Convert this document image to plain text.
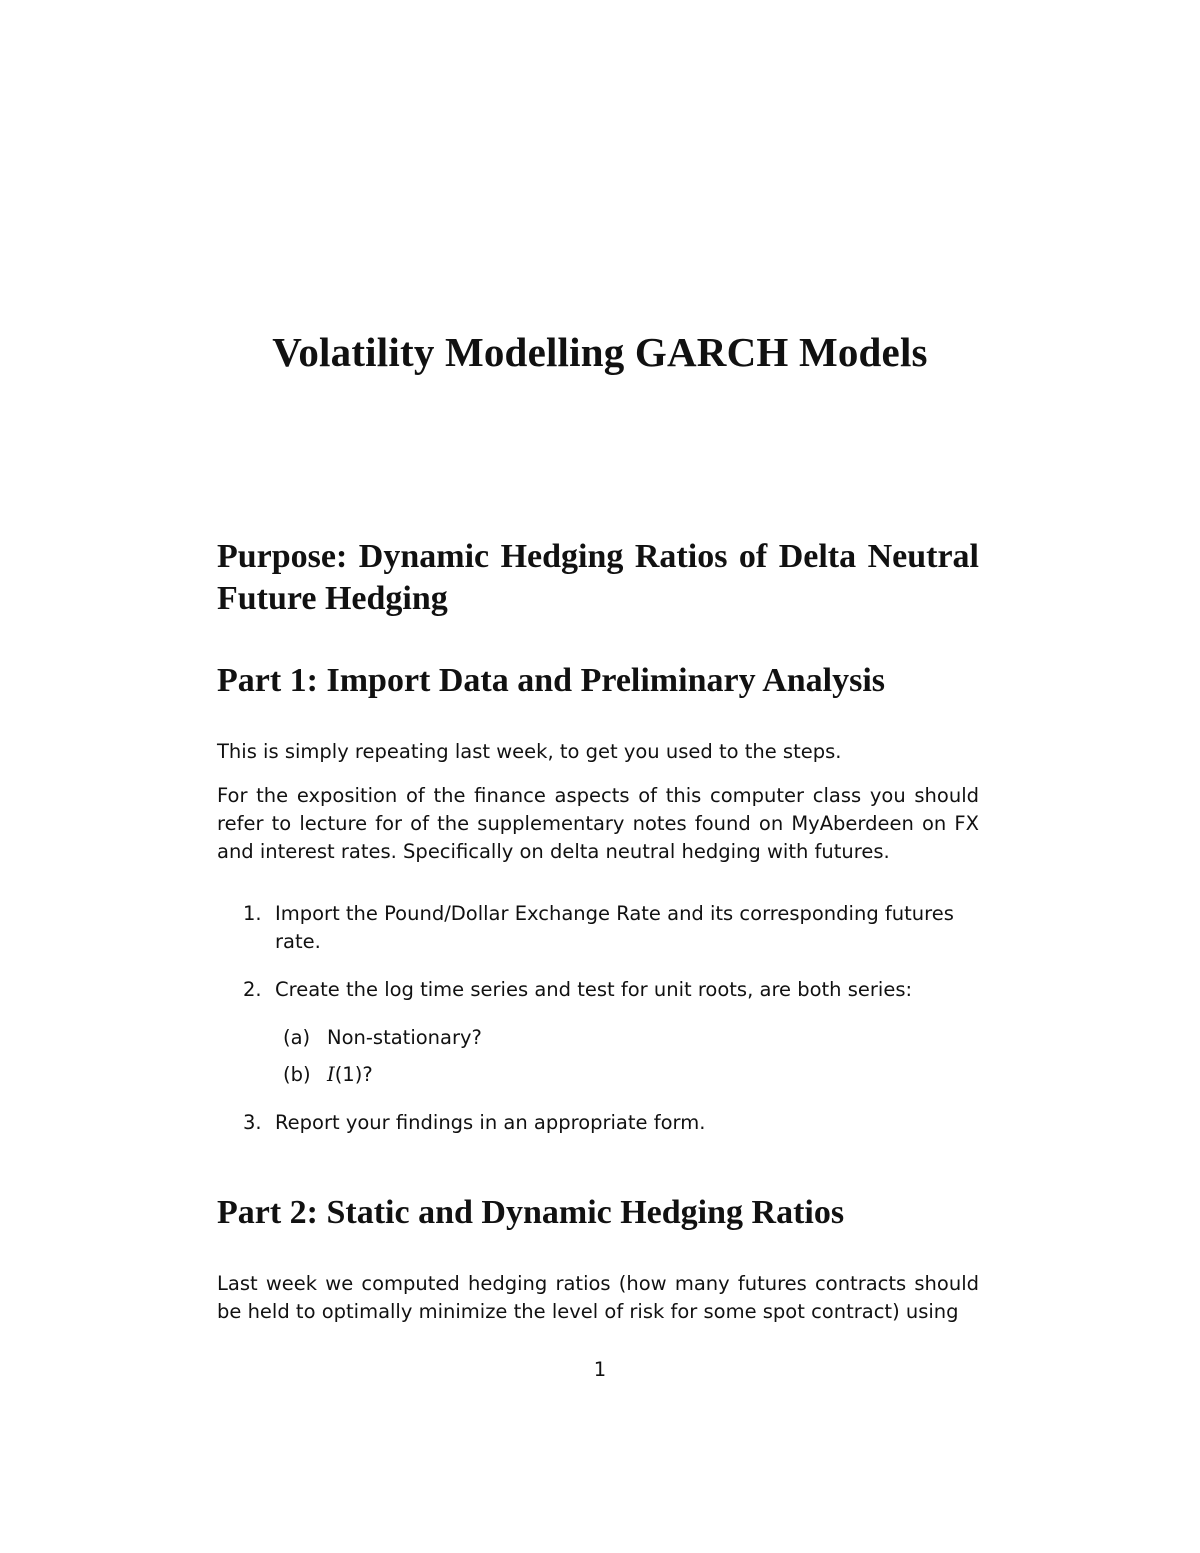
Volatility Modelling GARCH Models
Purpose: Dynamic Hedging Ratios of Delta Neutral Future Hedging
Part 1: Import Data and Preliminary Analysis

This is simply repeating last week, to get you used to the steps.

For the exposition of the finance aspects of this computer class you should refer to lecture for of the supplementary notes found on MyAberdeen on FX and interest rates. Specifically on delta neutral hedging with futures.

1. Import the Pound/Dollar Exchange Rate and its corresponding futures rate.
2. Create the log time series and test for unit roots, are both series:
(a) Non-stationary?
(b) I(1)?
3. Report your findings in an appropriate form.
Part 2: Static and Dynamic Hedging Ratios

Last week we computed hedging ratios (how many futures contracts should be held to optimally minimize the level of risk for some spot contract) using

1
